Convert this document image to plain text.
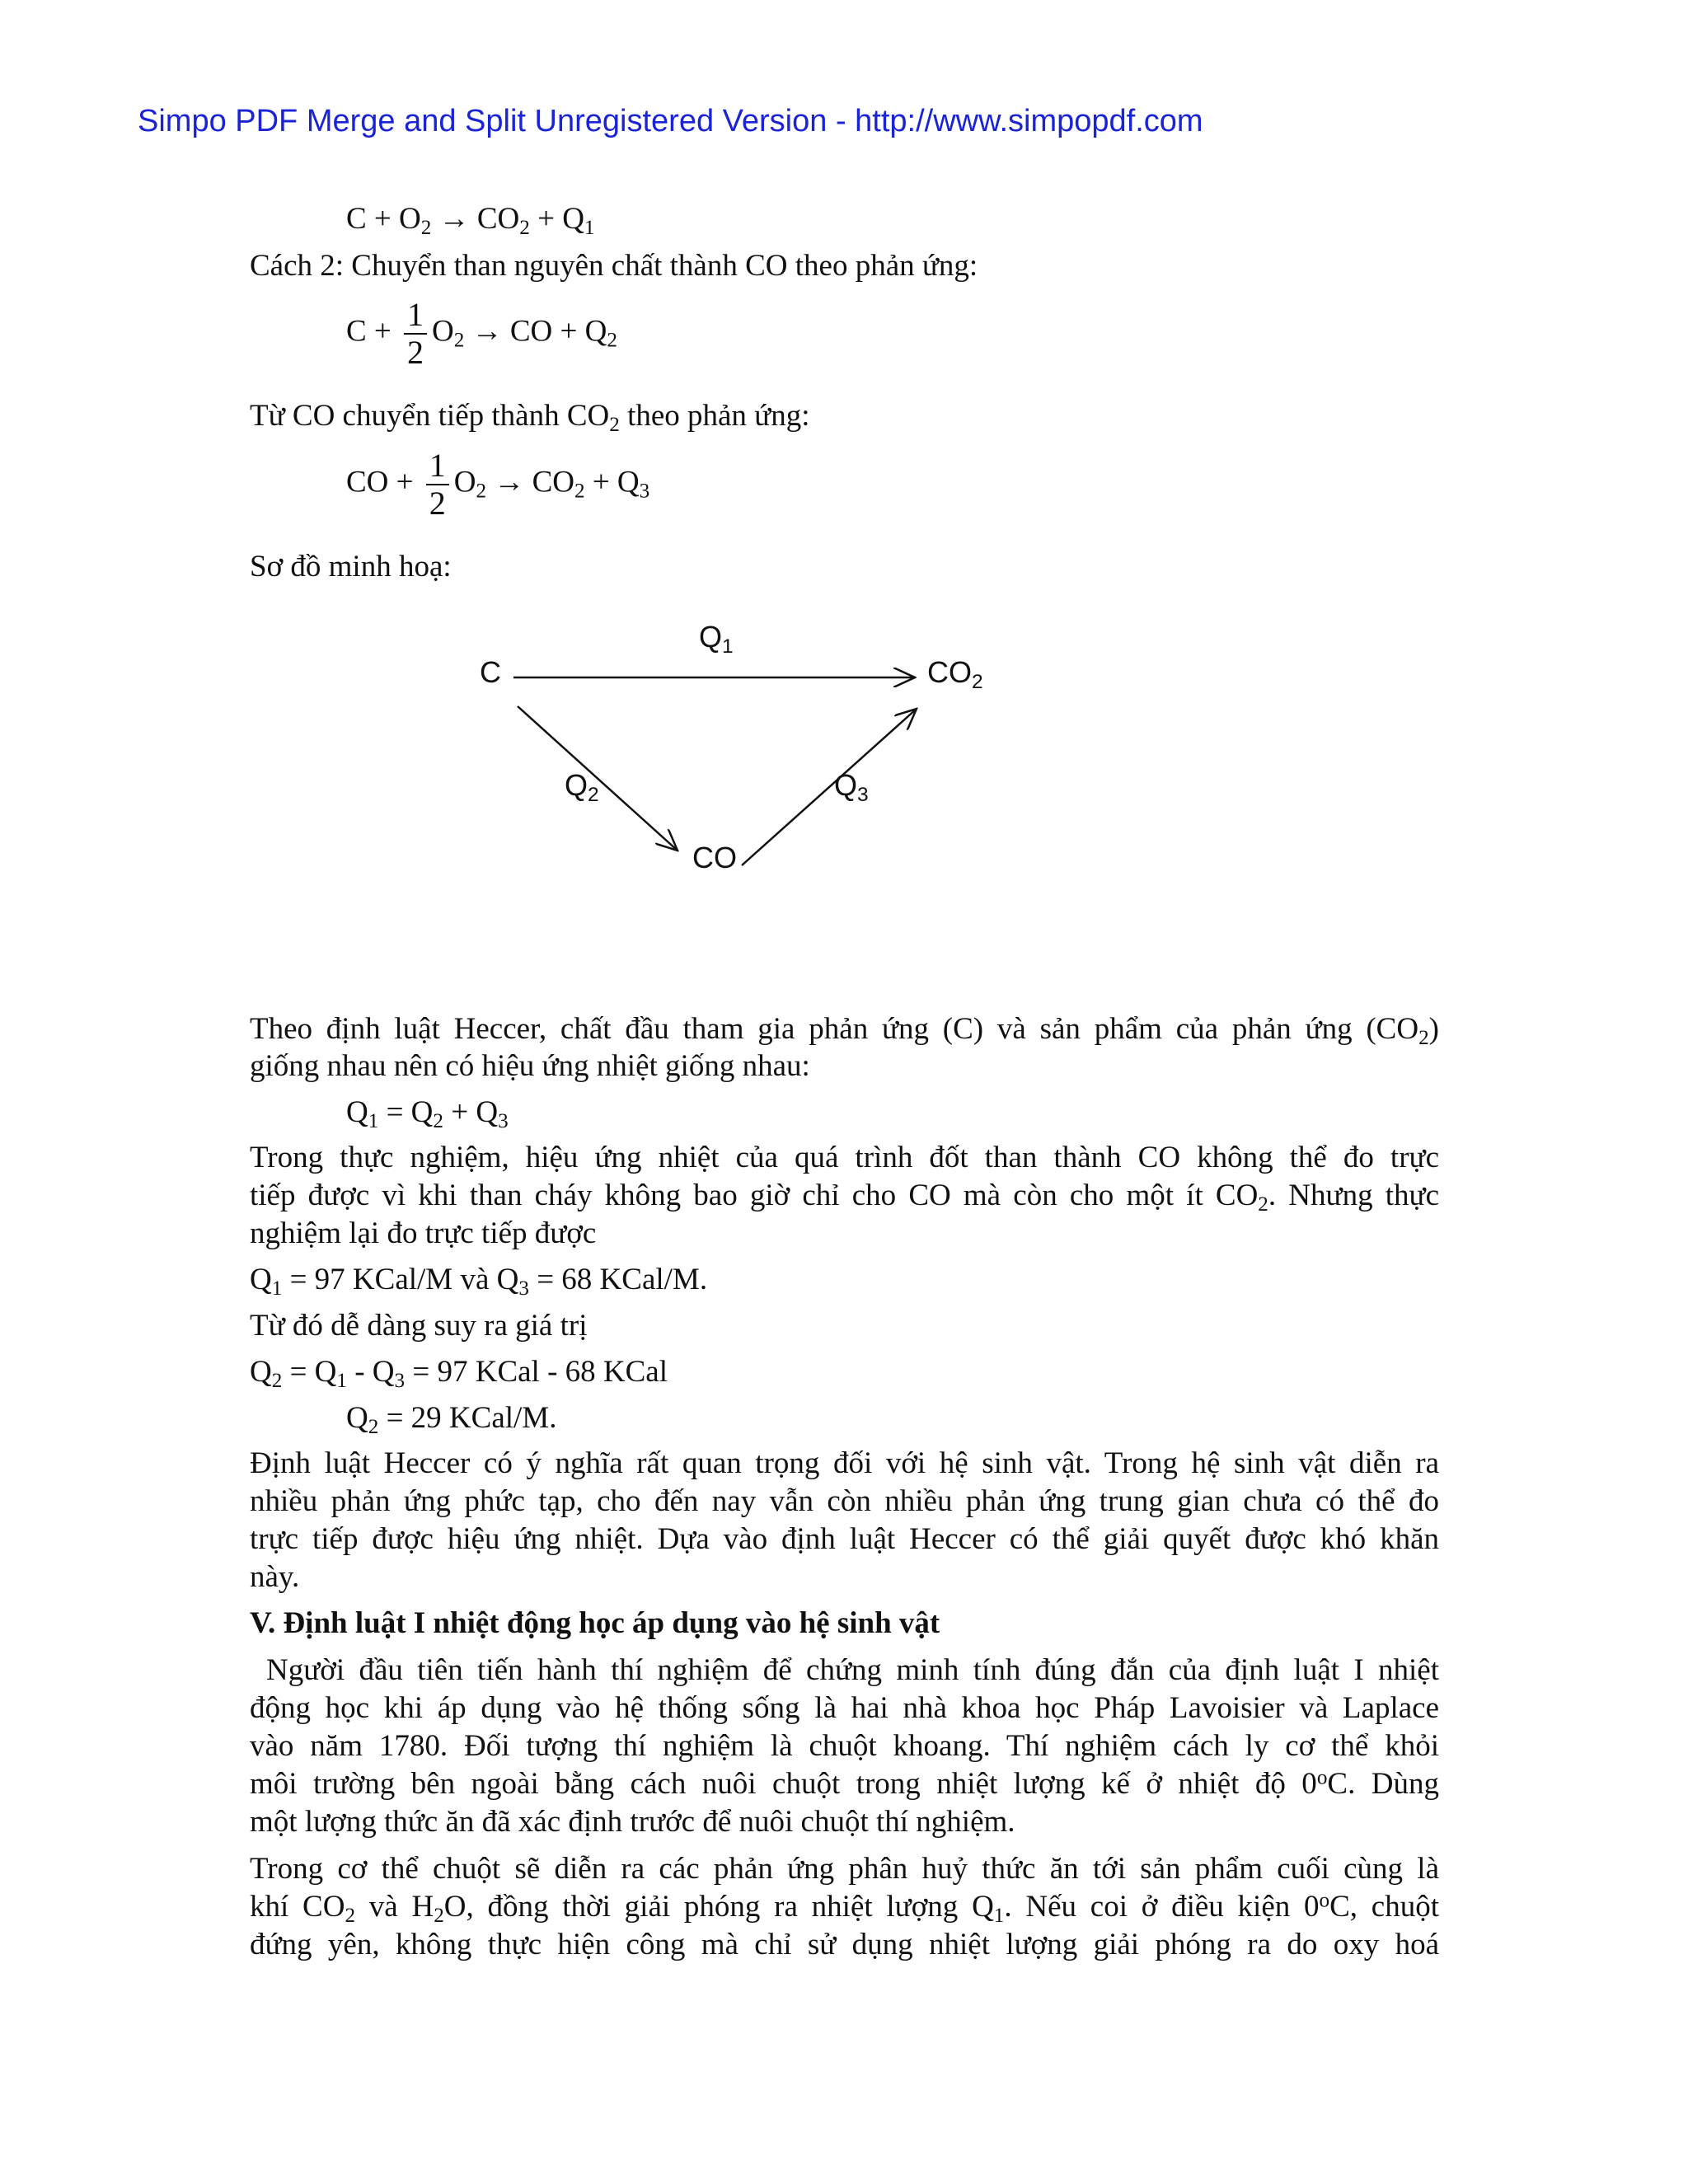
Simpo PDF Merge and Split Unregistered Version - http://www.simpopdf.com
$C + O_2 \to CO_2 + Q_1$
Cách 2: Chuyển than nguyên chất thành CO theo phản ứng:
$C + \frac{1}{2} O_2$ → CO + $Q_2$
Từ CO chuyển tiếp thành $CO_2$ theo phản ứng:
CO + $\frac{1}{2} O_2 \to CO_2 + Q_3$
Sơ đồ minh hoạ:
C	$CO_2$
CO
$Q_1$
$Q_2$	$Q_3$
Theo định luật Heccer, chất đầu tham gia phản ứng (C) và sản phẩm của phản ứng $(CO_2)$
giống nhau nên có hiệu ứng nhiệt giống nhau:
$Q_1 = Q_2 + Q_3$
Trong thực nghiệm, hiệu ứng nhiệt của quá trình đốt than thành CO không thể đo trực
tiếp được vì khi than cháy không bao giờ chỉ cho CO mà còn cho một ít $CO_2$. Nhưng thực
nghiệm lại đo trực tiếp được
$Q_1 = 97$ KCal/M và $Q_3 = 68$ KCal/M.
Từ đó dễ dàng suy ra giá trị
$Q_2 = Q_1 - Q_3 = 97$ KCal - 68 KCal
$Q_2 = 29$ KCal/M.
Định luật Heccer có ý nghĩa rất quan trọng đối với hệ sinh vật. Trong hệ sinh vật diễn ra
nhiều phản ứng phức tạp, cho đến nay vẫn còn nhiều phản ứng trung gian chưa có thể đo
trực tiếp được hiệu ứng nhiệt. Dựa vào định luật Heccer có thể giải quyết được khó khăn
này.
V. Định luật I nhiệt động học áp dụng vào hệ sinh vật
Người đầu tiên tiến hành thí nghiệm để chứng minh tính đúng đắn của định luật I nhiệt
động học khi áp dụng vào hệ thống sống là hai nhà khoa học Pháp Lavoisier và Laplace
vào năm 1780. Đối tượng thí nghiệm là chuột khoang. Thí nghiệm cách ly cơ thể khỏi
môi trường bên ngoài bằng cách nuôi chuột trong nhiệt lượng kế ở nhiệt độ 0$^o$C. Dùng
một lượng thức ăn đã xác định trước để nuôi chuột thí nghiệm.
Trong cơ thể chuột sẽ diễn ra các phản ứng phân huỷ thức ăn tới sản phẩm cuối cùng là
khí $CO_2$ và $H_2O$, đồng thời giải phóng ra nhiệt lượng $Q_1$. Nếu coi ở điều kiện 0$^o$C, chuột
đứng yên, không thực hiện công mà chỉ sử dụng nhiệt lượng giải phóng ra do oxy hoá
